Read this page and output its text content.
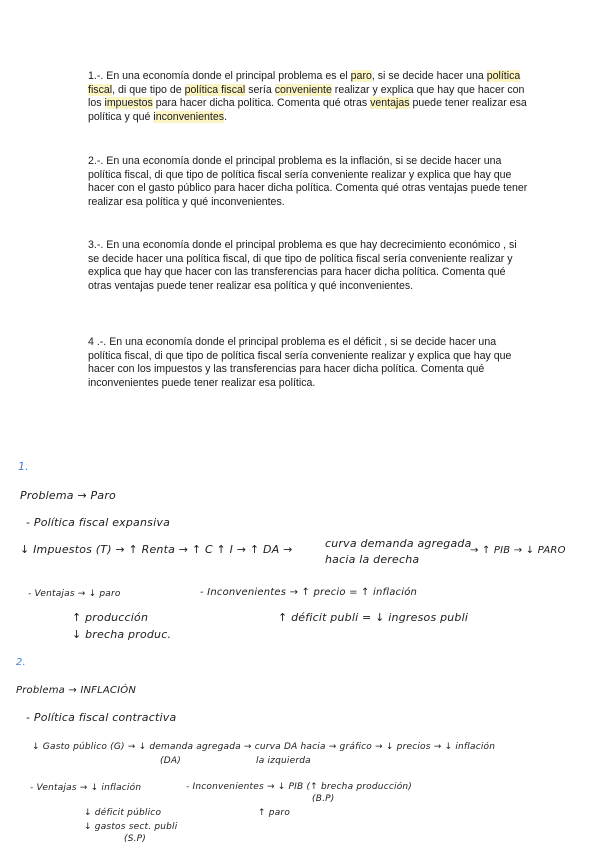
1.-. En una economía donde el principal problema es el paro, si se decide hacer una política fiscal, di que tipo de política fiscal sería conveniente realizar y explica que hay que hacer con los impuestos para hacer dicha política. Comenta qué otras ventajas puede tener realizar esa política y qué inconvenientes.

2.-. En una economía donde el principal problema es la inflación, si se decide hacer una política fiscal, di que tipo de política fiscal sería conveniente realizar y explica que hay que hacer con el gasto público para hacer dicha política. Comenta qué otras ventajas puede tener realizar esa política y qué inconvenientes.

3.-. En una economía donde el principal problema es que hay decrecimiento económico , si se decide hacer una política fiscal, di que tipo de política fiscal sería conveniente realizar y explica que hay que hacer con las transferencias para hacer dicha política. Comenta qué otras ventajas puede tener realizar esa política y qué inconvenientes.

4 .-. En una economía donde el principal problema es el déficit , si se decide hacer una política fiscal, di que tipo de política fiscal sería conveniente realizar y explica que hay que hacer con los impuestos y las transferencias para hacer dicha política. Comenta qué inconvenientes puede tener realizar esa política.

1.
Problema → Paro
- Política fiscal expansiva
↓ Impuestos (T) → ↑ Renta → ↑ C ↑ I → ↑ DA →	curva demanda agregada
hacia la derecha
→ ↑ PIB → ↓ PARO
- Ventajas → ↓ paro
↑ producción
↓ brecha produc.
- Inconvenientes → ↑ precio = ↑ inflación
↑ déficit publi = ↓ ingresos publi
2.
Problema → INFLACIÓN
- Política fiscal contractiva
↓ Gasto público (G) → ↓ demanda agregada → curva DA hacia → gráfico → ↓ precios → ↓ inflación
(DA)	la izquierda
- Ventajas → ↓ inflación
↓ déficit público
↓ gastos sect. publi
(S.P)
- Inconvenientes → ↓ PIB (↑ brecha producción)
(B.P)
↑ paro
